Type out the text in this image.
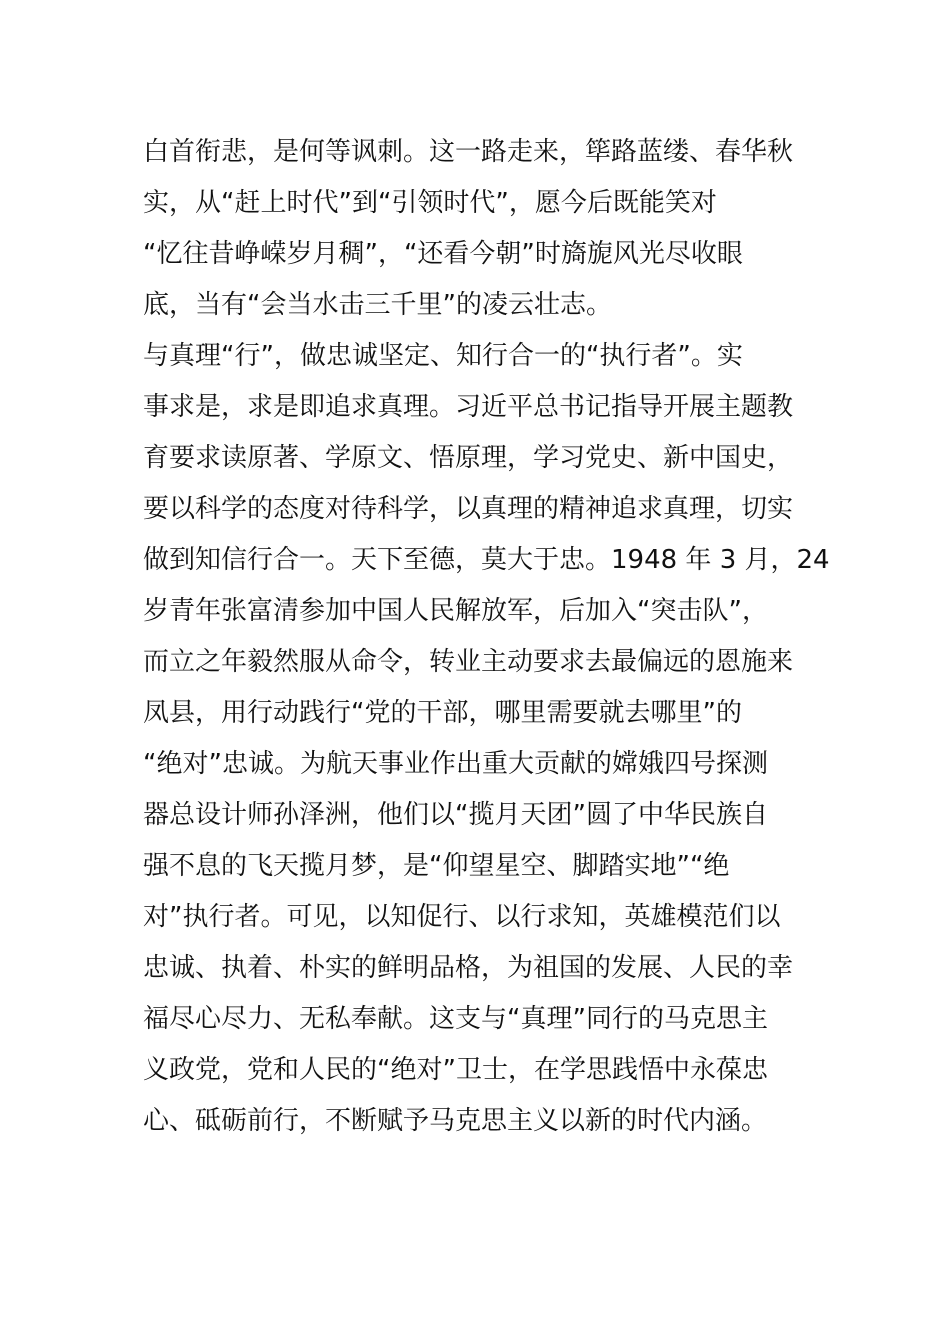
白首衔悲，是何等讽刺。这一路走来，筚路蓝缕、春华秋
实，从“赶上时代”到“引领时代”，愿今后既能笑对
“忆往昔峥嵘岁月稠”，“还看今朝”时旖旎风光尽收眼
底，当有“会当水击三千里”的凌云壮志。
与真理“行”，做忠诚坚定、知行合一的“执行者”。实
事求是，求是即追求真理。习近平总书记指导开展主题教
育要求读原著、学原文、悟原理，学习党史、新中国史，
要以科学的态度对待科学，以真理的精神追求真理，切实
做到知信行合一。天下至德，莫大于忠。1948 年 3 月，24
岁青年张富清参加中国人民解放军，后加入“突击队”，
而立之年毅然服从命令，转业主动要求去最偏远的恩施来
凤县，用行动践行“党的干部，哪里需要就去哪里”的
“绝对”忠诚。为航天事业作出重大贡献的嫦娥四号探测
器总设计师孙泽洲，他们以“揽月天团”圆了中华民族自
强不息的飞天揽月梦，是“仰望星空、脚踏实地”“绝
对”执行者。可见，以知促行、以行求知，英雄模范们以
忠诚、执着、朴实的鲜明品格，为祖国的发展、人民的幸
福尽心尽力、无私奉献。这支与“真理”同行的马克思主
义政党，党和人民的“绝对”卫士，在学思践悟中永葆忠
心、砥砺前行，不断赋予马克思主义以新的时代内涵。
